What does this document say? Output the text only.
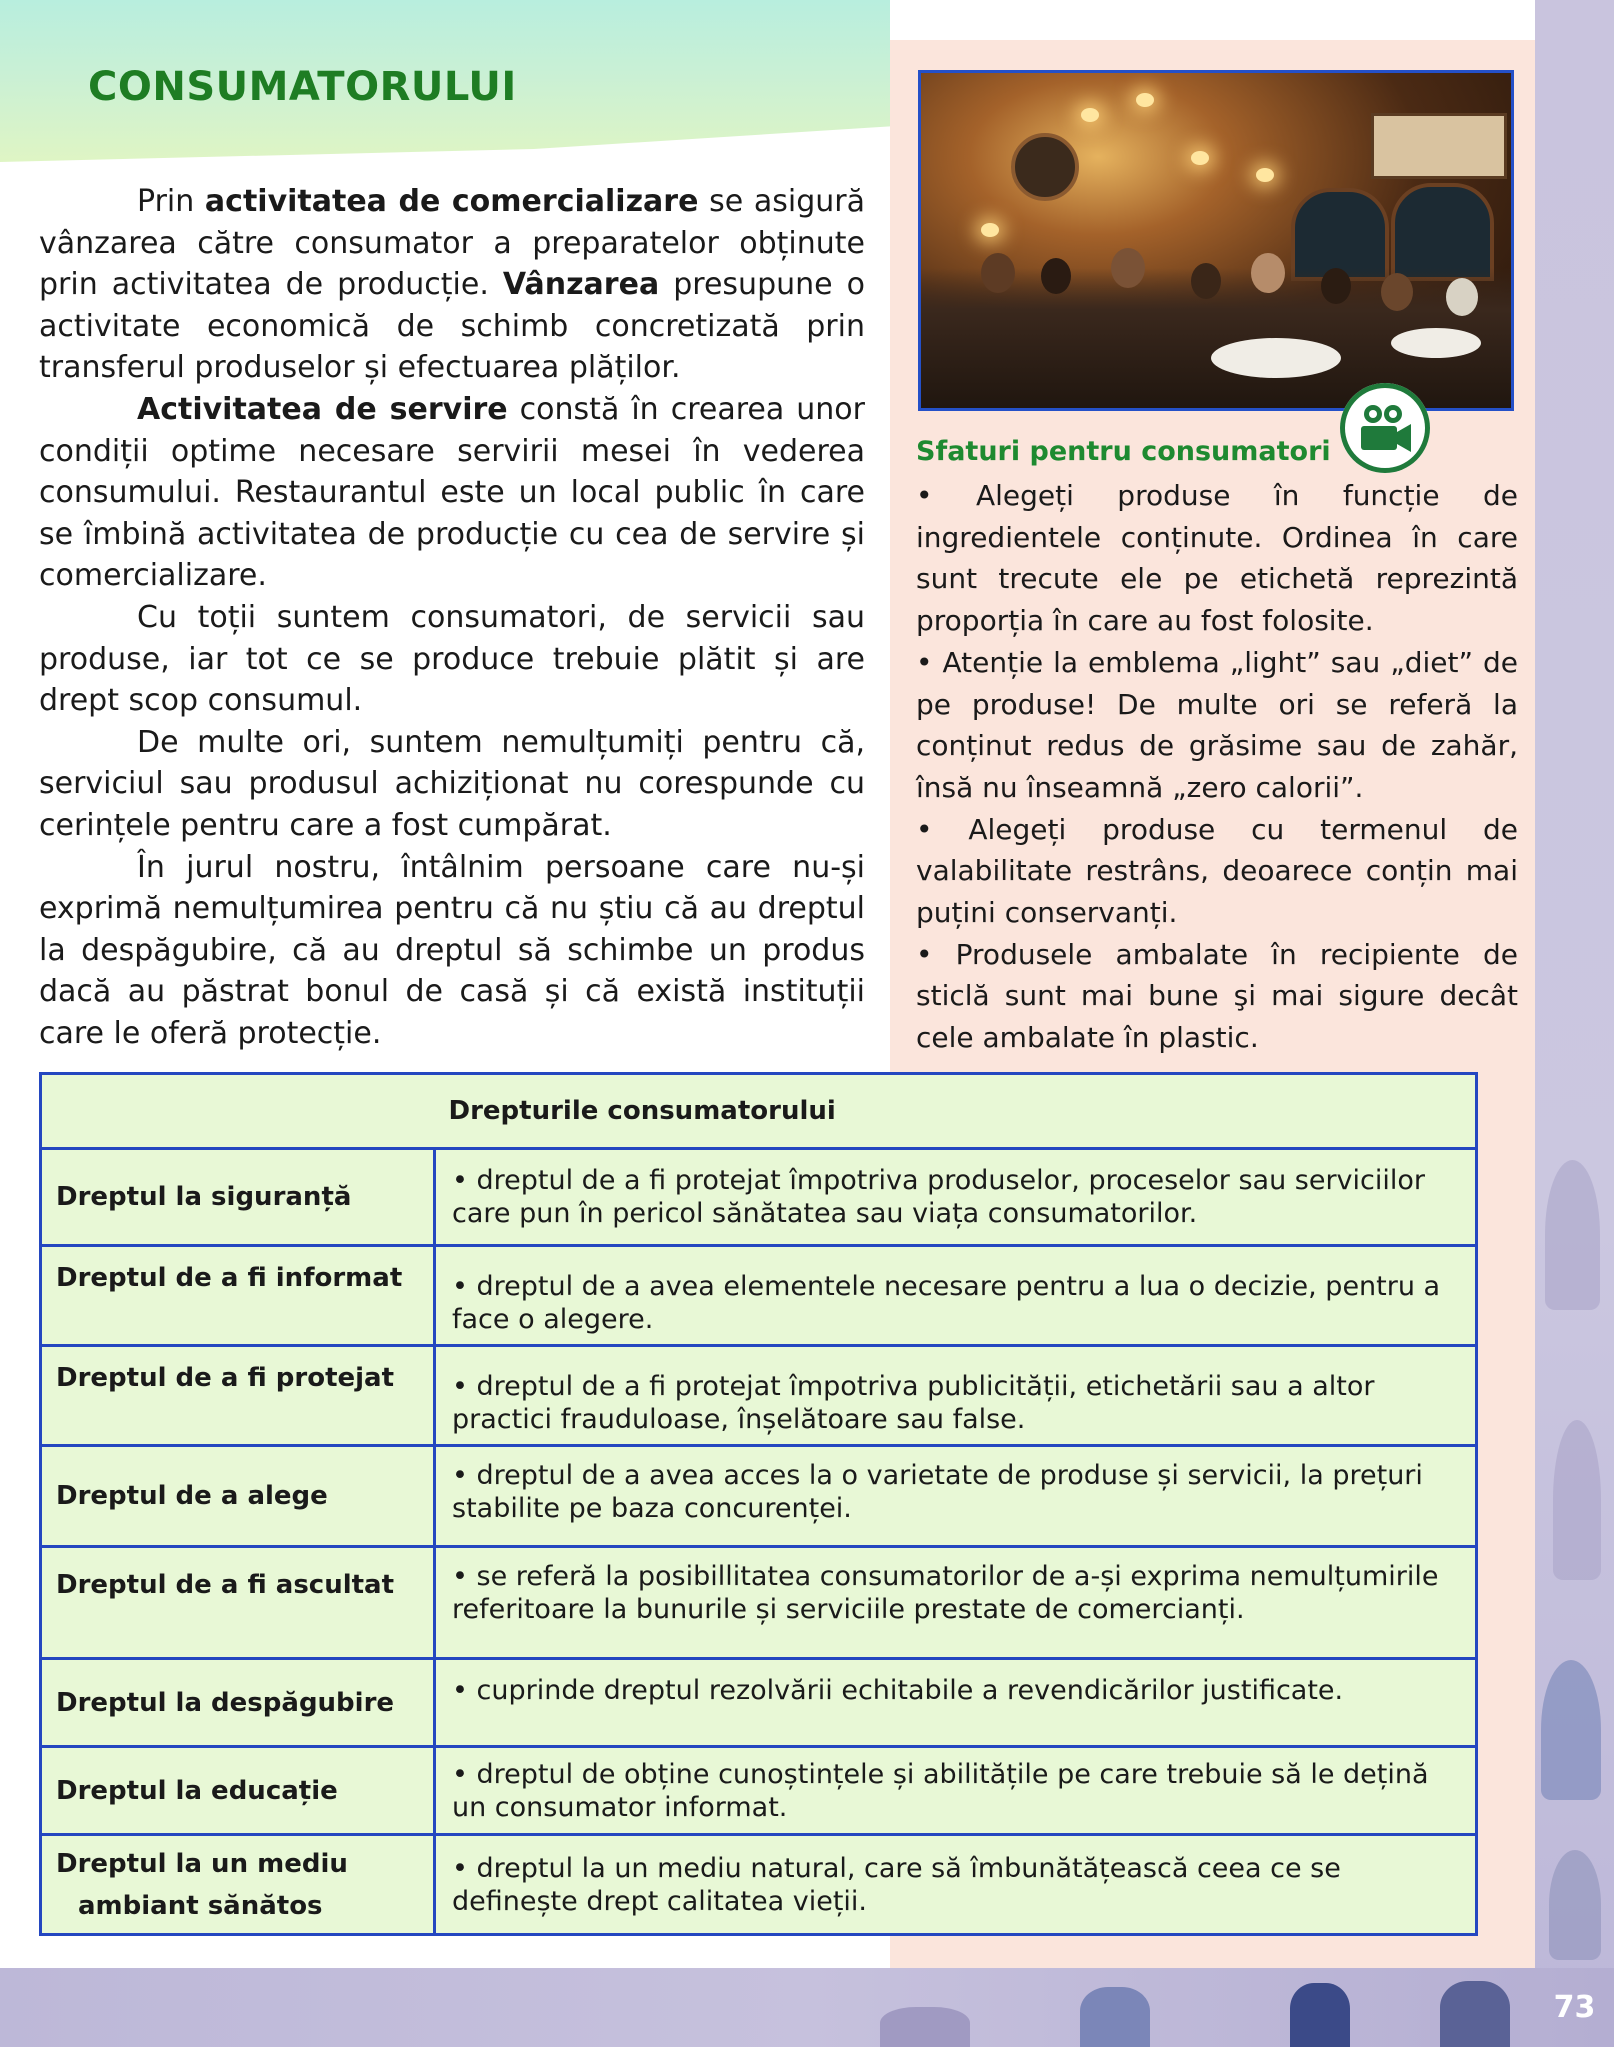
73
CONSUMATORULUI

Prin activitatea de comercializare se asigură vânzarea către consumator a preparatelor obținute prin activitatea de producție. Vânzarea presupune o activitate economică de schimb concretizată prin transferul produselor și efectuarea plăților.

Activitatea de servire constă în crearea unor condiții optime necesare servirii mesei în vederea consumului. Restaurantul este un local public în care se îmbină activitatea de producție cu cea de servire și comercializare.

Cu toții suntem consumatori, de servicii sau produse, iar tot ce se produce trebuie plătit și are drept scop consumul.

De multe ori, suntem nemulțumiți pentru că, serviciul sau produsul achiziționat nu corespunde cu cerințele pentru care a fost cumpărat.

În jurul nostru, întâlnim persoane care nu-și exprimă nemulțumirea pentru că nu știu că au dreptul la despăgubire, că au dreptul să schimbe un produs dacă au păstrat bonul de casă și că există instituții care le oferă protecție.

Sfaturi pentru consumatori

• Alegeți produse în funcție de ingredientele conținute. Ordinea în care sunt trecute ele pe etichetă reprezintă proporția în care au fost folosite.

• Atenție la emblema „light” sau „diet” de pe produse! De multe ori se referă la conținut redus de grăsime sau de zahăr, însă nu înseamnă „zero calorii”.

• Alegeți produse cu termenul de valabilitate restrâns, deoarece conțin mai puțini conservanți.

• Produsele ambalate în recipiente de sticlă sunt mai bune şi mai sigure decât cele ambalate în plastic.

	Drepturile consumatorului
Dreptul la siguranță	• dreptul de a fi protejat împotriva produselor, proceselor sau serviciilor care pun în pericol sănătatea sau viața consumatorilor.
Dreptul de a fi informat	• dreptul de a avea elementele necesare pentru a lua o decizie, pentru a face o alegere.
Dreptul de a fi protejat	• dreptul de a fi protejat împotriva publicității, etichetării sau a altor practici frauduloase, înșelătoare sau false.
Dreptul de a alege	• dreptul de a avea acces la o varietate de produse și servicii, la prețuri stabilite pe baza concurenței.
Dreptul de a fi ascultat	• se referă la posibillitatea consumatorilor de a-și exprima nemulțumirile referitoare la bunurile și serviciile prestate de comercianți.
Dreptul la despăgubire	• cuprinde dreptul rezolvării echitabile a revendicărilor justificate.
Dreptul la educație	• dreptul de obține cunoștințele și abilitățile pe care trebuie să le dețină un consumator informat.

Dreptul la un mediu
ambiant sănătos	• dreptul la un mediu natural, care să îmbunătățească ceea ce se definește drept calitatea vieții.
